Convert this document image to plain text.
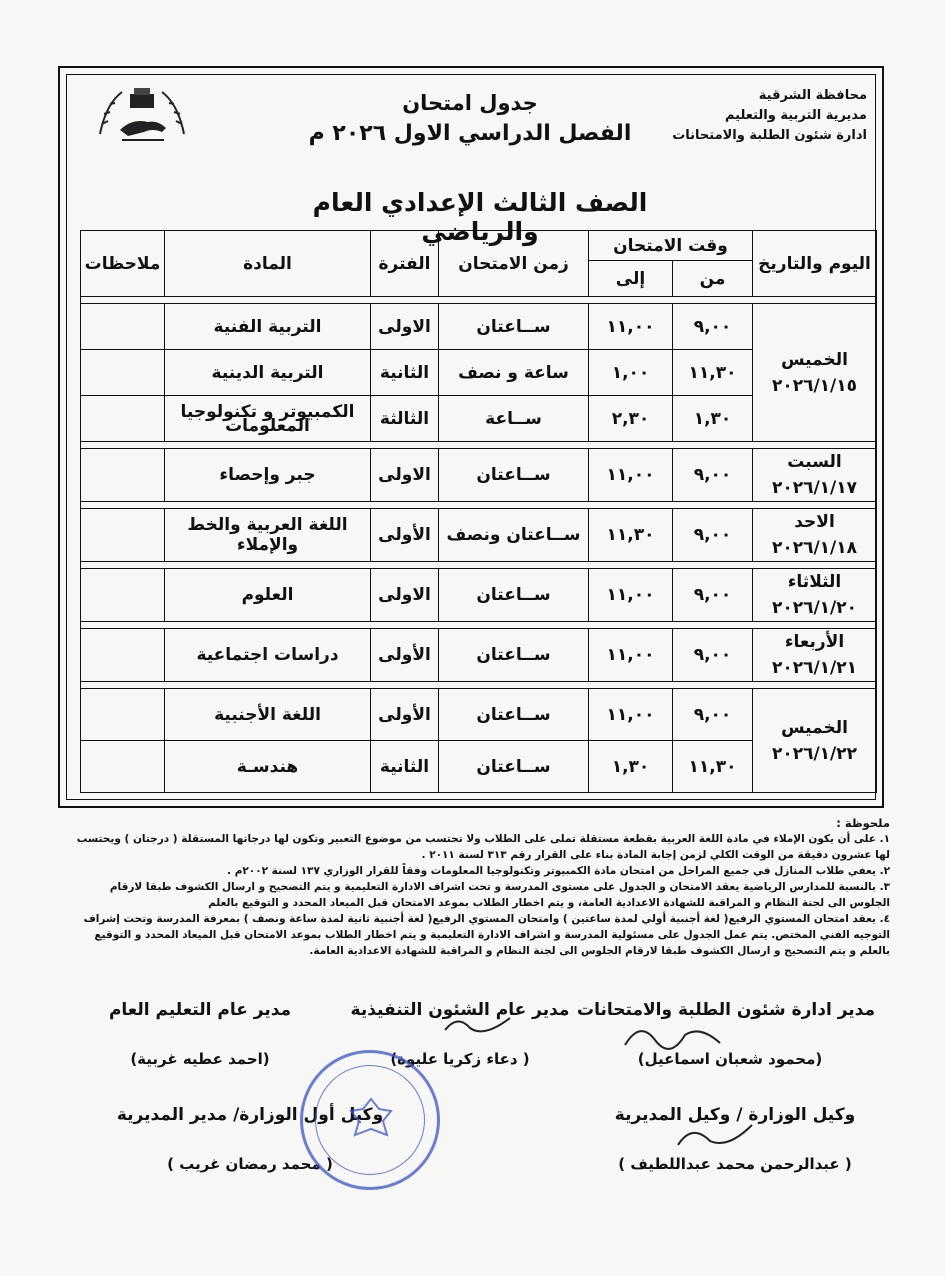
محافظة الشرقية
مديرية التربية والتعليم
ادارة شئون الطلبة والامتحانات
جدول امتحان
الفصل الدراسي الاول ٢٠٢٦ م
الصف الثالث الإعدادي العام والرياضي
اليوم والتاريخ	وقت الامتحان		زمن الامتحان	الفترة	المادة	ملاحظات
	من	إلى				

الخميس
٢٠٢٦/١/١٥	٩,٠٠	١١,٠٠	ســاعتان	الاولى	التربية الفنية	
	١١,٣٠	١,٠٠	ساعة و نصف	الثانية	التربية الدينية	
	١,٣٠	٢,٣٠	ســاعة	الثالثة	الكمبيوتر و تكنولوجيا المعلومات	

السبت
٢٠٢٦/١/١٧	٩,٠٠	١١,٠٠	ســاعتان	الاولى	جبر وإحصاء	

الاحد
٢٠٢٦/١/١٨	٩,٠٠	١١,٣٠	ســاعتان ونصف	الأولى	اللغة العربية والخط والإملاء	

الثلاثاء
٢٠٢٦/١/٢٠	٩,٠٠	١١,٠٠	ســاعتان	الاولى	العلوم	

الأربعاء
٢٠٢٦/١/٢١	٩,٠٠	١١,٠٠	ســاعتان	الأولى	دراسات اجتماعية	

الخميس
٢٠٢٦/١/٢٢	٩,٠٠	١١,٠٠	ســاعتان	الأولى	اللغة الأجنبية	
	١١,٣٠	١,٣٠	ســاعتان	الثانية	هندسـة	

ملحوظة :

١. على أن يكون الإملاء في مادة اللغة العربية بقطعة مستقلة تملى على الطلاب ولا تحتسب من موضوع التعبير وتكون لها درجاتها المستقلة ( درجتان ) ويحتسب لها عشرون دقيقة من الوقت الكلي لزمن إجابة المادة بناء على القرار رقم ٣١٣ لسنة ٢٠١١ .

٢. يعفي طلاب المنازل في جميع المراحل من امتحان مادة الكمبيوتر وتكنولوجيا المعلومات وفقاً للقرار الوزاري ١٣٧ لسنة ٢٠٠٢م .

٣. بالنسبة للمدارس الرياضية يعقد الامتحان و الجدول على مستوى المدرسة و تحت اشراف الادارة التعليمية و يتم التصحيح و ارسال الكشوف طبقا لارقام الجلوس الى لجنة النظام و المراقبة للشهادة الاعدادية العامة، و يتم اخطار الطلاب بموعد الامتحان قبل الميعاد المحدد و التوقيع بالعلم

٤. يعقد امتحان المستوي الرفيع( لغة أجنبية أولي لمدة ساعتين ) وامتحان المستوي الرفيع( لغة أجنبية ثانية لمدة ساعة ونصف ) بمعرفة المدرسة وتحت إشراف التوجيه الفني المختص. يتم عمل الجدول على مسئولية المدرسة و اشراف الادارة التعليمية و يتم اخطار الطلاب بموعد الامتحان قبل الميعاد المحدد و التوقيع بالعلم و يتم التصحيح و ارسال الكشوف طبقا لارقام الجلوس الى لجنة النظام و المراقبة للشهادة الاعدادية العامة.

مدير ادارة شئون الطلبة والامتحانات
(محمود شعبان اسماعيل)
مدير عام الشئون التنفيذية
( دعاء زكريا عليوة)
مدير عام التعليم العام
(احمد عطيه غربية)
وكيل الوزارة / وكيل المديرية
( عبدالرحمن محمد عبداللطيف )
وكيل أول الوزارة/ مدير المديرية
( محمد رمضان غريب )
